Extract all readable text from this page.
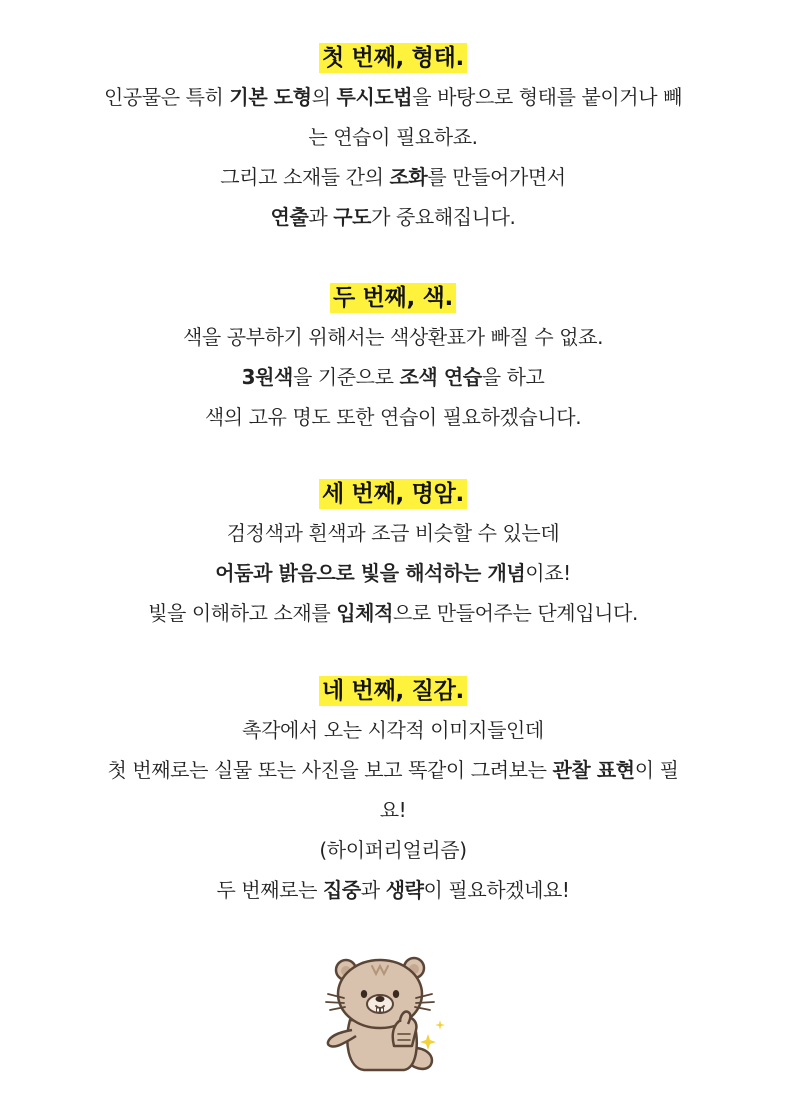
첫 번째, 형태.
인공물은 특히 기본 도형의 투시도법을 바탕으로 형태를 붙이거나 빼
는 연습이 필요하죠.
그리고 소재들 간의 조화를 만들어가면서
연출과 구도가 중요해집니다.
두 번째, 색.
색을 공부하기 위해서는 색상환표가 빠질 수 없죠.
3원색을 기준으로 조색 연습을 하고
색의 고유 명도 또한 연습이 필요하겠습니다.
세 번째, 명암.
검정색과 흰색과 조금 비슷할 수 있는데
어둠과 밝음으로 빛을 해석하는 개념이죠!
빛을 이해하고 소재를 입체적으로 만들어주는 단계입니다.
네 번째, 질감.
촉각에서 오는 시각적 이미지들인데
첫 번째로는 실물 또는 사진을 보고 똑같이 그려보는 관찰 표현이 필
요!
(하이퍼리얼리즘)
두 번째로는 집중과 생략이 필요하겠네요!
